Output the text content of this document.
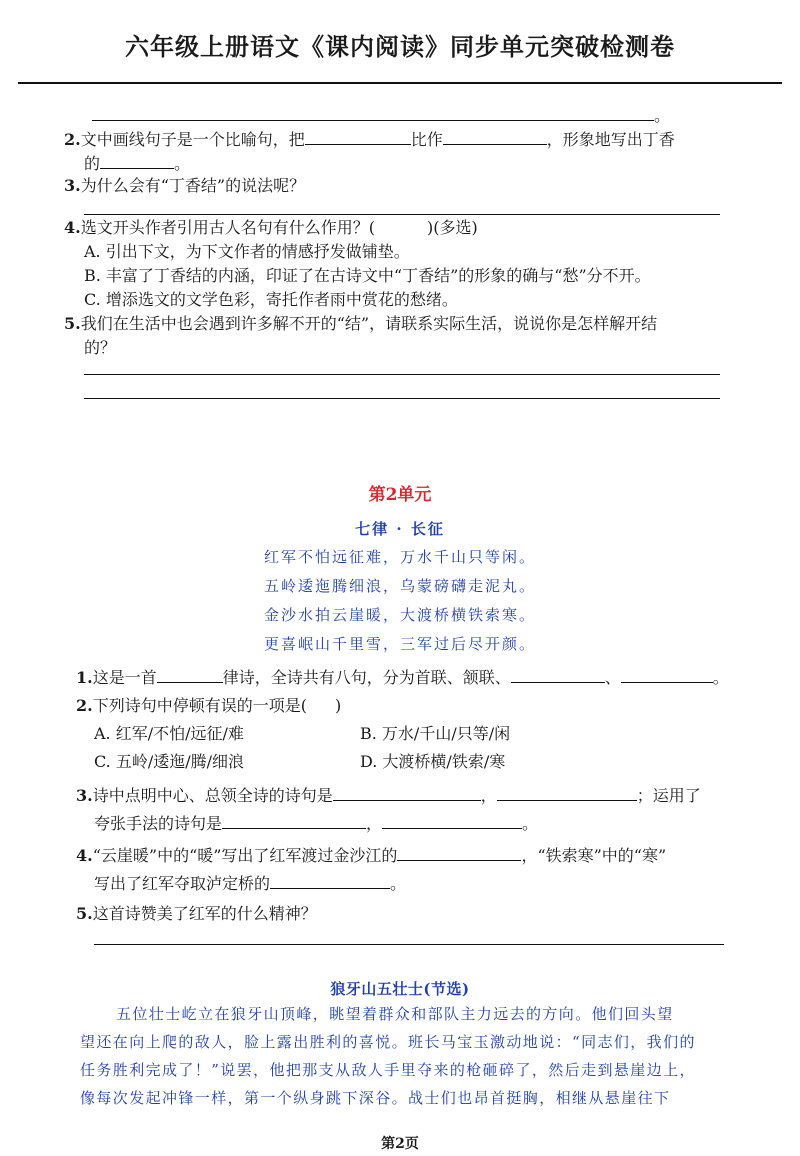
六年级上册语文《课内阅读》同步单元突破检测卷
。
2.文中画线句子是一个比喻句，把	比作	，形象地写出丁香
的	。
3.为什么会有“丁香结”的说法呢？
4.选文开头作者引用古人名句有什么作用？(	)(多选)
A. 引出下文，为下文作者的情感抒发做铺垫。
B. 丰富了丁香结的内涵，印证了在古诗文中“丁香结”的形象的确与“愁”分不开。
C. 增添选文的文学色彩，寄托作者雨中赏花的愁绪。
5.我们在生活中也会遇到许多解不开的“结”，请联系实际生活，说说你是怎样解开结
的？
第2单元
七律 · 长征
红军不怕远征难，万水千山只等闲。
五岭逶迤腾细浪，乌蒙磅礴走泥丸。
金沙水拍云崖暖，大渡桥横铁索寒。
更喜岷山千里雪，三军过后尽开颜。
1.这是一首	律诗，全诗共有八句，分为首联、颔联、	、	。
2.下列诗句中停顿有误的一项是( )
A. 红军/不怕/远征/难	B. 万水/千山/只等/闲
C. 五岭/逶迤/腾/细浪	D. 大渡桥横/铁索/寒
3.诗中点明中心、总领全诗的诗句是	，	；运用了
夸张手法的诗句是	，	。
4.“云崖暖”中的“暖”写出了红军渡过金沙江的	，“铁索寒”中的“寒”
写出了红军夺取泸定桥的	。
5.这首诗赞美了红军的什么精神？
狼牙山五壮士(节选)
五位壮士屹立在狼牙山顶峰，眺望着群众和部队主力远去的方向。他们回头望
望还在向上爬的敌人，脸上露出胜利的喜悦。班长马宝玉激动地说：“同志们，我们的
任务胜利完成了！”说罢，他把那支从敌人手里夺来的枪砸碎了，然后走到悬崖边上，
像每次发起冲锋一样，第一个纵身跳下深谷。战士们也昂首挺胸，相继从悬崖往下
第2页
